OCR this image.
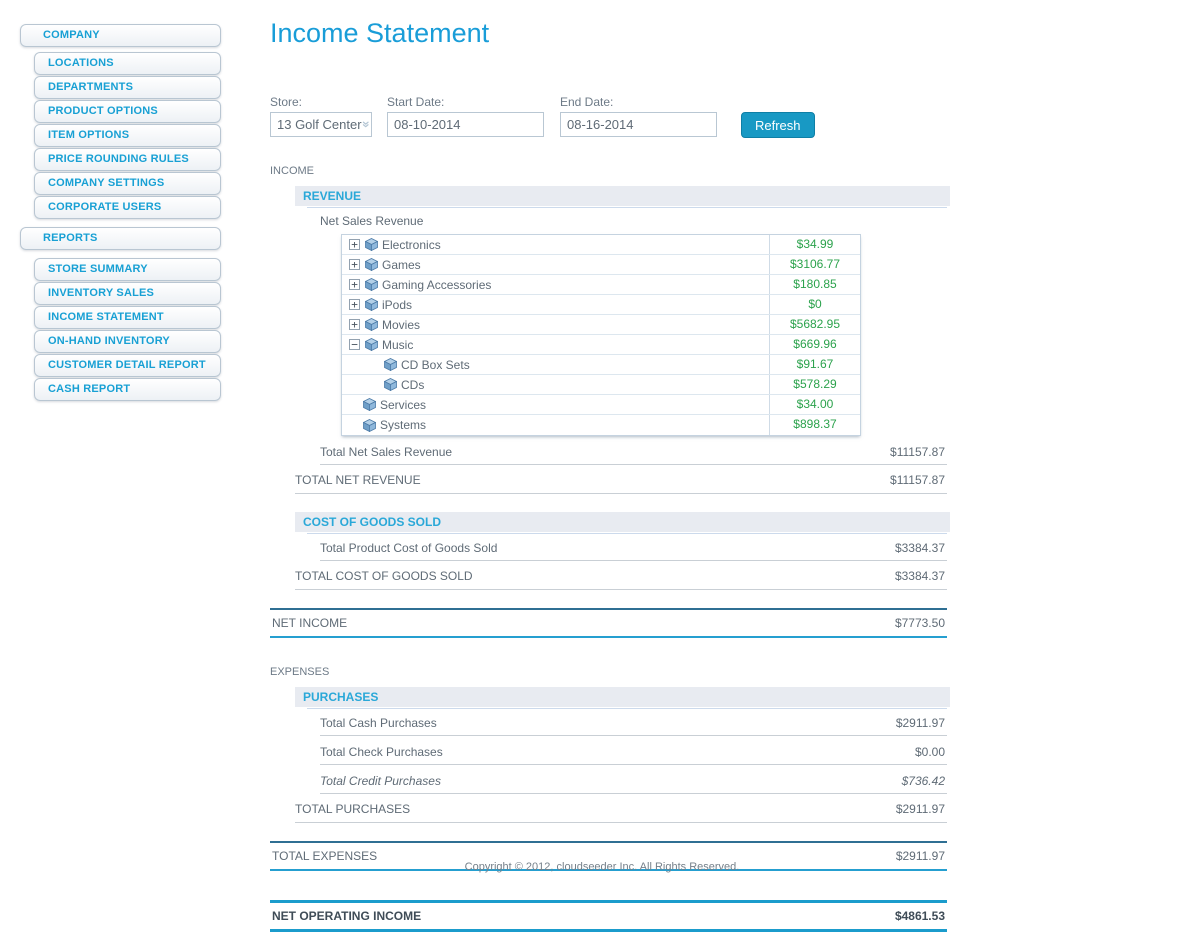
COMPANY
LOCATIONS
DEPARTMENTS
PRODUCT OPTIONS
ITEM OPTIONS
PRICE ROUNDING RULES
COMPANY SETTINGS
CORPORATE USERS
REPORTS
STORE SUMMARY
INVENTORY SALES
INCOME STATEMENT
ON-HAND INVENTORY
CUSTOMER DETAIL REPORT
CASH REPORT
Income Statement
Store:
13 Golf Center
Start Date:
08-10-2014	End Date:
08-16-2014
Refresh
INCOME
REVENUE
Net Sales Revenue
+ Electronics	$34.99
+ Games	$3106.77
+ Gaming Accessories	$180.85
+ iPods	$0
+ Movies	$5682.95
− Music	$669.96
CD Box Sets	$91.67
CDs	$578.29
Services	$34.00
Systems	$898.37
Total Net Sales Revenue	$11157.87
TOTAL NET REVENUE	$11157.87
COST OF GOODS SOLD
Total Product Cost of Goods Sold	$3384.37
TOTAL COST OF GOODS SOLD	$3384.37
NET INCOME	$7773.50
EXPENSES
PURCHASES
Total Cash Purchases	$2911.97
Total Check Purchases	$0.00
Total Credit Purchases	$736.42
TOTAL PURCHASES	$2911.97
TOTAL EXPENSES	$2911.97
NET OPERATING INCOME	$4861.53
Copyright © 2012, cloudseeder Inc. All Rights Reserved.
